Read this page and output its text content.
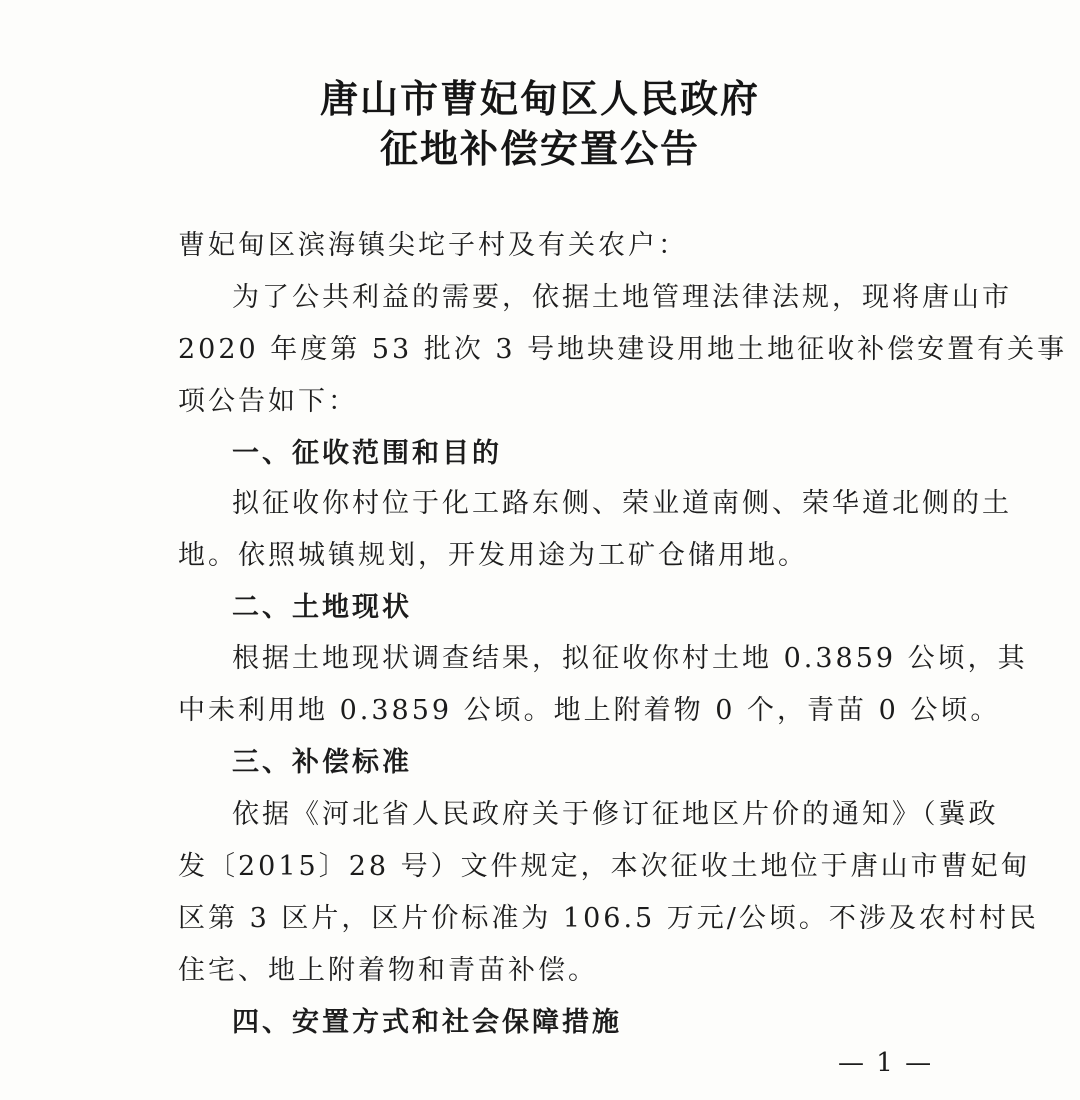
唐山市曹妃甸区人民政府
征地补偿安置公告
曹妃甸区滨海镇尖坨子村及有关农户：
为了公共利益的需要，依据土地管理法律法规，现将唐山市
2020 年度第 53 批次 3 号地块建设用地土地征收补偿安置有关事
项公告如下：
一、征收范围和目的
拟征收你村位于化工路东侧、荣业道南侧、荣华道北侧的土
地。依照城镇规划，开发用途为工矿仓储用地。
二、土地现状
根据土地现状调查结果，拟征收你村土地 0.3859 公顷，其
中未利用地 0.3859 公顷。地上附着物 0 个，青苗 0 公顷。
三、补偿标准
依据《河北省人民政府关于修订征地区片价的通知》（冀政
发〔2015〕28 号）文件规定，本次征收土地位于唐山市曹妃甸
区第 3 区片，区片价标准为 106.5 万元/公顷。不涉及农村村民
住宅、地上附着物和青苗补偿。
四、安置方式和社会保障措施
— 1 —
